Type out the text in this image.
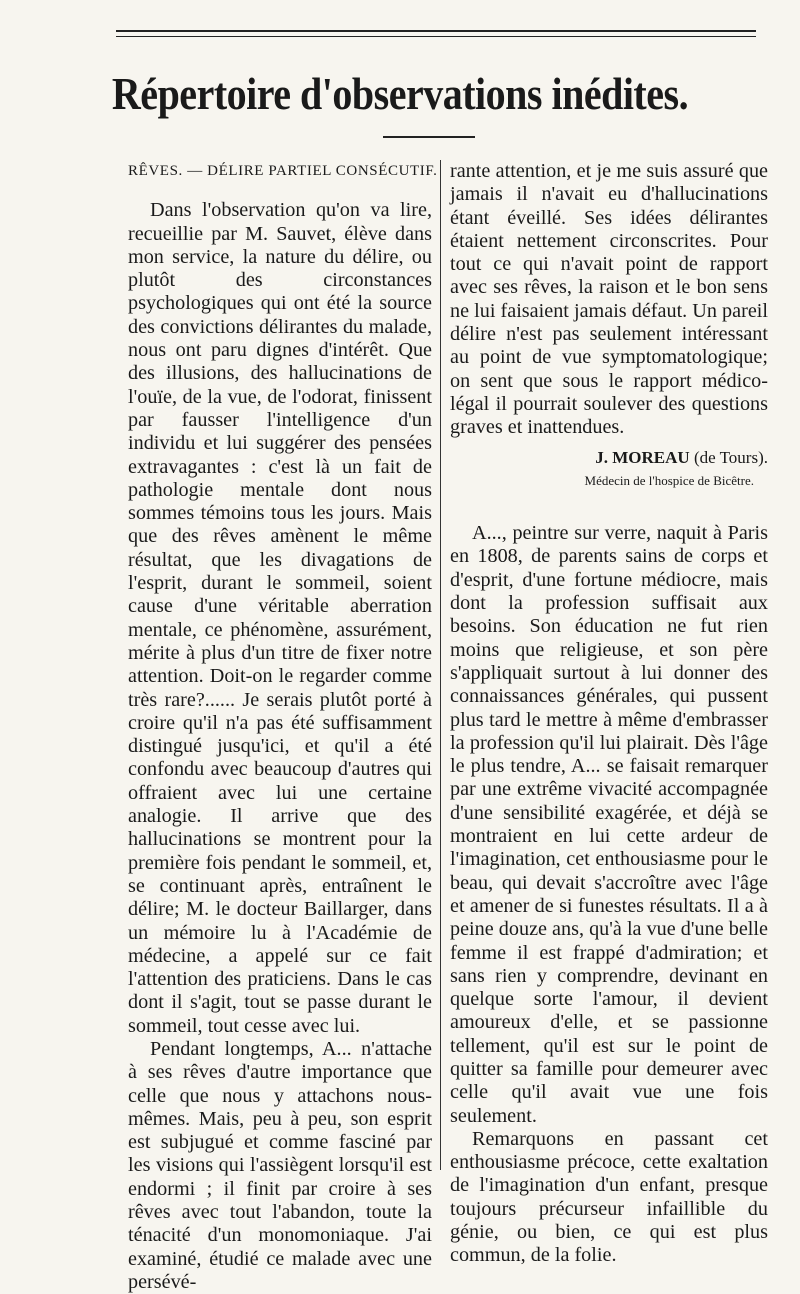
Répertoire d'observations inédites.

RÊVES. — DÉLIRE PARTIEL CONSÉCUTIF.

Dans l'observation qu'on va lire, recueillie par M. Sauvet, élève dans mon service, la nature du délire, ou plutôt des circonstances psychologiques qui ont été la source des convictions délirantes du malade, nous ont paru dignes d'intérêt. Que des illusions, des hallucinations de l'ouïe, de la vue, de l'odorat, finissent par fausser l'intelligence d'un individu et lui suggérer des pensées extravagantes : c'est là un fait de pathologie mentale dont nous sommes témoins tous les jours. Mais que des rêves amènent le même résultat, que les divagations de l'esprit, durant le sommeil, soient cause d'une véritable aberration mentale, ce phénomène, assurément, mérite à plus d'un titre de fixer notre attention. Doit-on le regarder comme très rare?...... Je serais plutôt porté à croire qu'il n'a pas été suffisamment distingué jusqu'ici, et qu'il a été confondu avec beaucoup d'autres qui offraient avec lui une certaine analogie. Il arrive que des hallucinations se montrent pour la première fois pendant le sommeil, et, se continuant après, entraînent le délire; M. le docteur Baillarger, dans un mémoire lu à l'Académie de médecine, a appelé sur ce fait l'attention des praticiens. Dans le cas dont il s'agit, tout se passe durant le sommeil, tout cesse avec lui.

Pendant longtemps, A... n'attache à ses rêves d'autre importance que celle que nous y attachons nous-mêmes. Mais, peu à peu, son esprit est subjugué et comme fasciné par les visions qui l'assiègent lorsqu'il est endormi ; il finit par croire à ses rêves avec tout l'abandon, toute la ténacité d'un monomoniaque. J'ai examiné, étudié ce malade avec une persévé-

rante attention, et je me suis assuré que jamais il n'avait eu d'hallucinations étant éveillé. Ses idées délirantes étaient nettement circonscrites. Pour tout ce qui n'avait point de rapport avec ses rêves, la raison et le bon sens ne lui faisaient jamais défaut. Un pareil délire n'est pas seulement intéressant au point de vue symptomatologique; on sent que sous le rapport médico-légal il pourrait soulever des questions graves et inattendues.

J. MOREAU (de Tours).

Médecin de l'hospice de Bicêtre.

A..., peintre sur verre, naquit à Paris en 1808, de parents sains de corps et d'esprit, d'une fortune médiocre, mais dont la profession suffisait aux besoins. Son éducation ne fut rien moins que religieuse, et son père s'appliquait surtout à lui donner des connaissances générales, qui pussent plus tard le mettre à même d'embrasser la profession qu'il lui plairait. Dès l'âge le plus tendre, A... se faisait remarquer par une extrême vivacité accompagnée d'une sensibilité exagérée, et déjà se montraient en lui cette ardeur de l'imagination, cet enthousiasme pour le beau, qui devait s'accroître avec l'âge et amener de si funestes résultats. Il a à peine douze ans, qu'à la vue d'une belle femme il est frappé d'admiration; et sans rien y comprendre, devinant en quelque sorte l'amour, il devient amoureux d'elle, et se passionne tellement, qu'il est sur le point de quitter sa famille pour demeurer avec celle qu'il avait vue une fois seulement.

Remarquons en passant cet enthousiasme précoce, cette exaltation de l'imagination d'un enfant, presque toujours précurseur infaillible du génie, ou bien, ce qui est plus commun, de la folie.
